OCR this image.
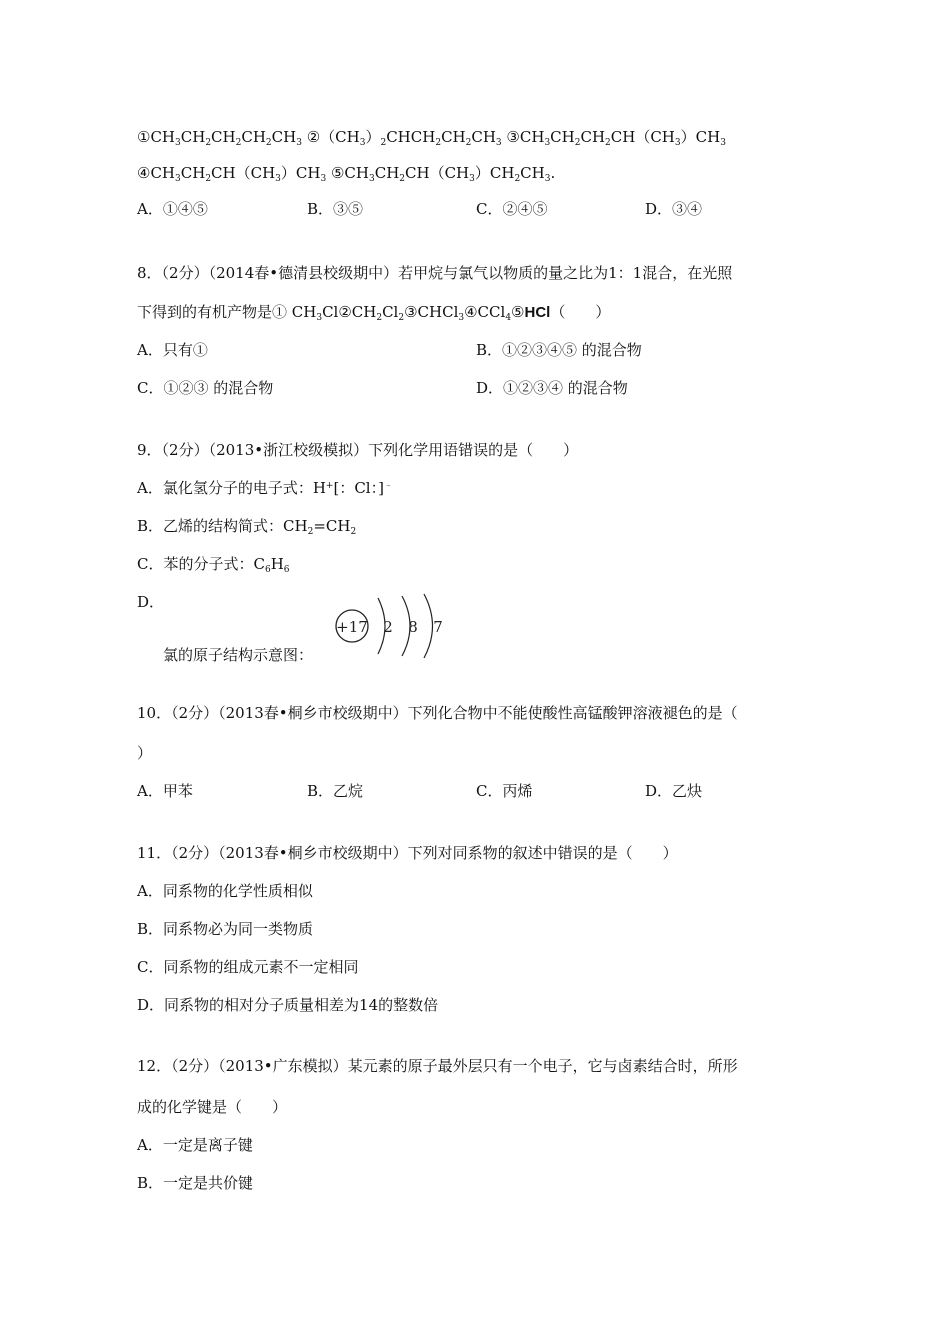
$①CH_3CH_2CH_2CH_2CH_3$ $②(CH_3)_2CHCH_2CH_2CH_3$ $③CH_3CH_2CH_2CH(CH_3)CH_3$
$④CH_3CH_2CH(CH_3)CH_3$ $⑤CH_3CH_2CH(CH_3)CH_2CH_3$.
A．①④⑤	B．③⑤	C．②④⑤	D．③④
8．（2分）（2014春•德清县校级期中）若甲烷与氯气以物质的量之比为1：1混合，在光照
下得到的有机产物是① $CH_3Cl②CH_2Cl_2③CHCl_3④CCl_4⑤HCl$（　　）
A．只有①	B．①②③④⑤ 的混合物
C．①②③ 的混合物	D．①②③④ 的混合物
9．（2分）（2013•浙江校级模拟）下列化学用语错误的是（　　）
A．氯化氢分子的电子式：H+[：Cl：]﹣
B．乙烯的结构简式：$CH_2=CH_2$
C．苯的分子式：$C_6H_6$
D．
氯的原子结构示意图：
+17 2 8 7
10．（2分）（2013春•桐乡市校级期中）下列化合物中不能使酸性高锰酸钾溶液褪色的是（
）
A．甲苯	B．乙烷	C．丙烯	D．乙炔
11．（2分）（2013春•桐乡市校级期中）下列对同系物的叙述中错误的是（　　）
A．同系物的化学性质相似
B．同系物必为同一类物质
C．同系物的组成元素不一定相同
D．同系物的相对分子质量相差为14的整数倍
12．（2分）（2013•广东模拟）某元素的原子最外层只有一个电子，它与卤素结合时，所形
成的化学键是（　　）
A．一定是离子键
B．一定是共价键
